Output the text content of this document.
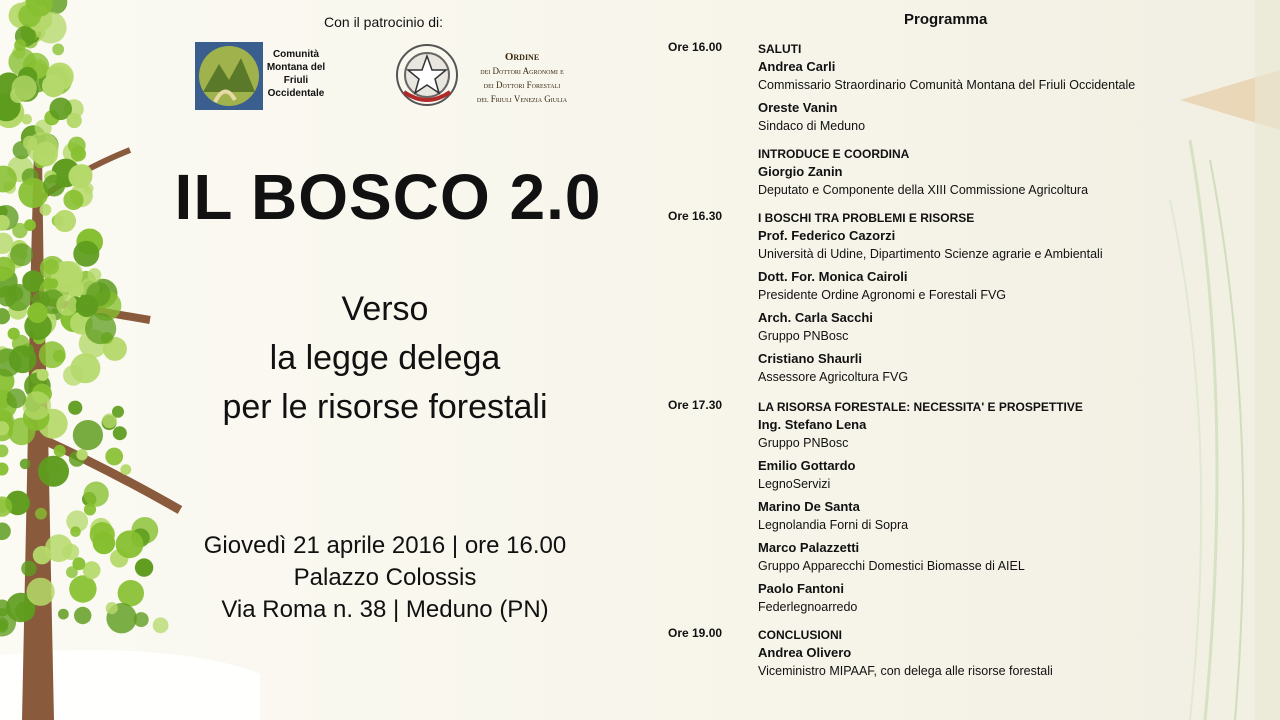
Con il patrocinio di:
Comunità Montana del Friuli Occidentale
Ordine
dei Dottori Agronomi e
dei Dottori Forestali
del Friuli Venezia Giulia
IL BOSCO 2.0
Verso
la legge delega
per le risorse forestali
Giovedì 21 aprile 2016 | ore 16.00
Palazzo Colossis
Via Roma n. 38 | Meduno (PN)
Programma
Ore 16.00	SALUTI
Andrea Carli
Commissario Straordinario Comunità Montana del Friuli Occidentale
Oreste Vanin
Sindaco di Meduno
INTRODUCE E COORDINA
Giorgio Zanin
Deputato e Componente della XIII Commissione Agricoltura
Ore 16.30	I BOSCHI TRA PROBLEMI E RISORSE
Prof. Federico Cazorzi
Università di Udine, Dipartimento Scienze agrarie e Ambientali
Dott. For. Monica Cairoli
Presidente Ordine Agronomi e Forestali FVG
Arch. Carla Sacchi
Gruppo PNBosc
Cristiano Shaurli
Assessore Agricoltura FVG
Ore 17.30	LA RISORSA FORESTALE: NECESSITA' E PROSPETTIVE
Ing. Stefano Lena
Gruppo PNBosc
Emilio Gottardo
LegnoServizi
Marino De Santa
Legnolandia Forni di Sopra
Marco Palazzetti
Gruppo Apparecchi Domestici Biomasse di AIEL
Paolo Fantoni
Federlegnoarredo
Ore 19.00	CONCLUSIONI
Andrea Olivero
Viceministro MIPAAF, con delega alle risorse forestali
